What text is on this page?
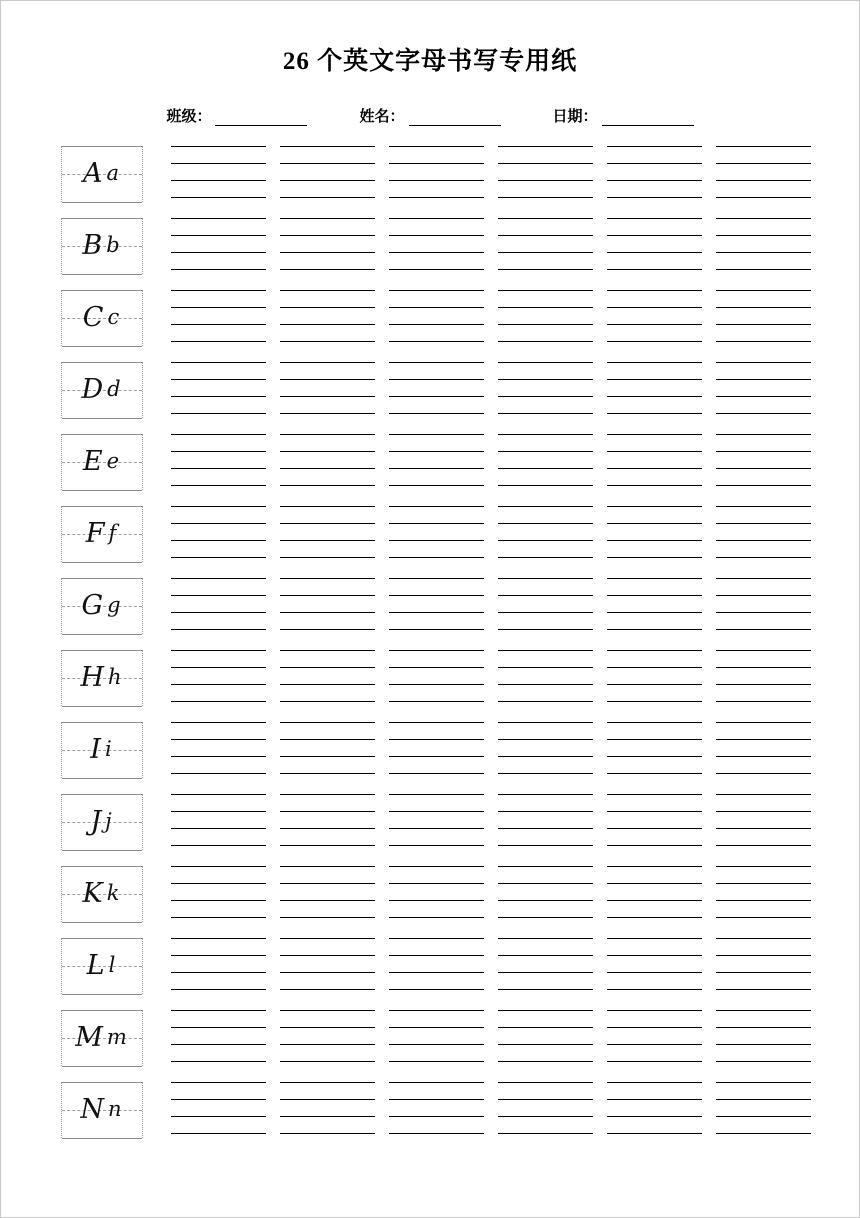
26 个英文字母书写专用纸
班级：	姓名：	日期：
A a
B b
C c
D d
E e
F f
G g
H h
I i
J j
K k
L l
M m
N n
